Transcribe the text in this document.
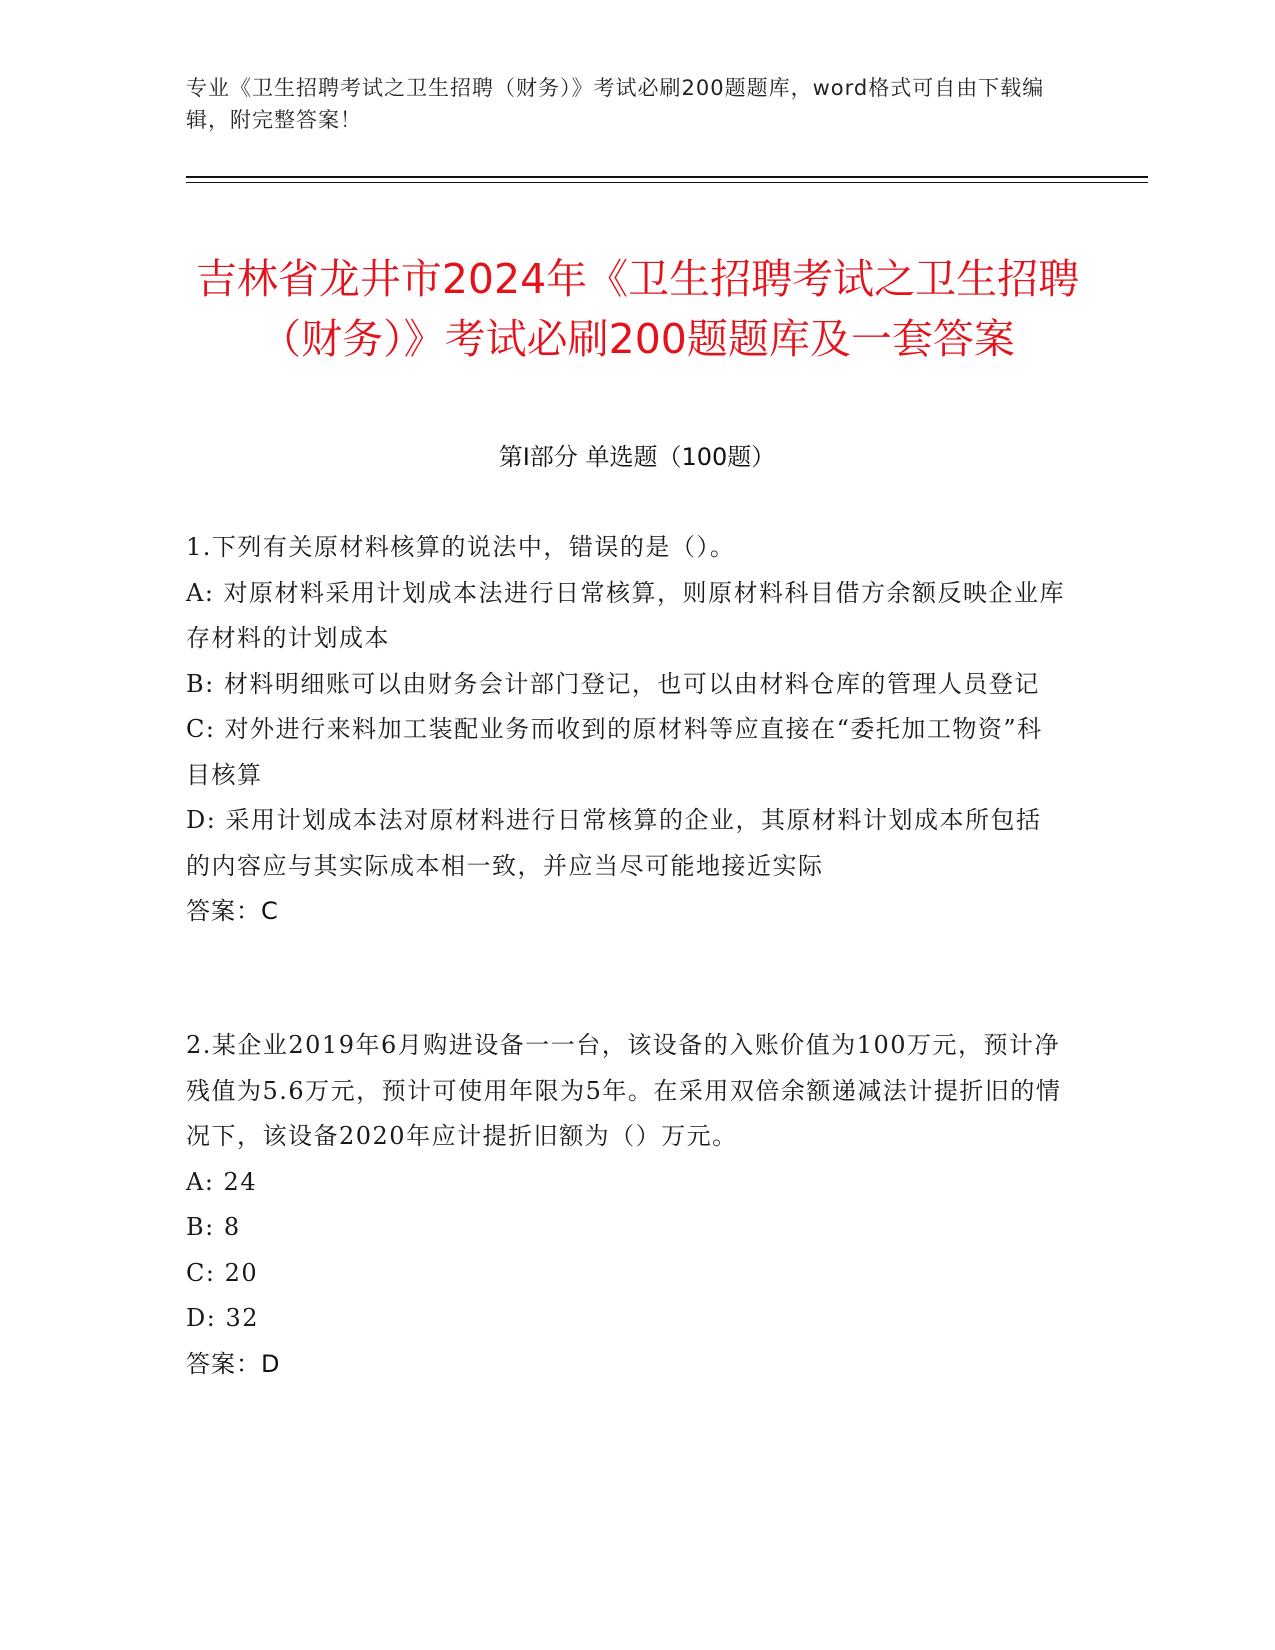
专业《卫生招聘考试之卫生招聘（财务）》考试必刷200题题库，word格式可自由下载编辑，附完整答案！
吉林省龙井市2024年《卫生招聘考试之卫生招聘（财务）》考试必刷200题题库及一套答案
第Ⅰ部分 单选题（100题）

1.下列有关原材料核算的说法中，错误的是（）。

A: 对原材料采用计划成本法进行日常核算，则原材料科目借方余额反映企业库存材料的计划成本

B: 材料明细账可以由财务会计部门登记，也可以由材料仓库的管理人员登记

C: 对外进行来料加工装配业务而收到的原材料等应直接在“委托加工物资”科目核算

D: 采用计划成本法对原材料进行日常核算的企业，其原材料计划成本所包括的内容应与其实际成本相一致，并应当尽可能地接近实际

答案：C

2.某企业2019年6月购进设备一一台，该设备的入账价值为100万元，预计净残值为5.6万元，预计可使用年限为5年。在采用双倍余额递减法计提折旧的情况下，该设备2020年应计提折旧额为（）万元。

A: 24

B: 8

C: 20

D: 32

答案：D
